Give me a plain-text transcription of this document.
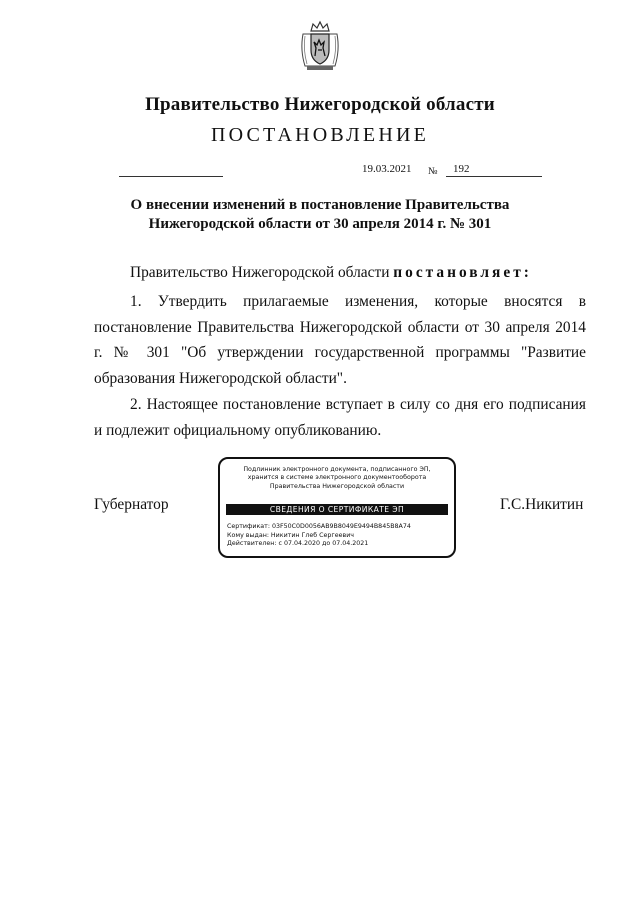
Правительство Нижегородской области
ПОСТАНОВЛЕНИЕ
19.03.2021 № 192
О внесении изменений в постановление Правительства
Нижегородской области от 30 апреля 2014 г. № 301
Правительство Нижегородской области постановляет:
1. Утвердить прилагаемые изменения, которые вносятся в постановление Правительства Нижегородской области от 30 апреля 2014 г. № 301 "Об утверждении государственной программы "Развитие образования Нижегородской области".
2. Настоящее постановление вступает в силу со дня его подписания и подлежит официальному опубликованию.
Губернатор	Г.С.Никитин
Подлинник электронного документа, подписанного ЭП,
хранится в системе электронного документооборота
Правительства Нижегородской области
СВЕДЕНИЯ О СЕРТИФИКАТЕ ЭП
Сертификат: 03F50C0D0056AB9B8049E9494B845B8A74
Кому выдан: Никитин Глеб Сергеевич
Действителен: с 07.04.2020 до 07.04.2021
